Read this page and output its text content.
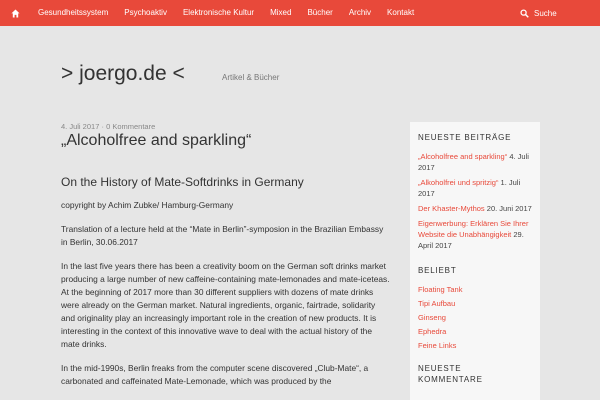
Gesundheitssystem	Psychoaktiv	Elektronische Kultur	Mixed	Bücher	Archiv	Kontakt	Suche
> joergo.de <	Artikel & Bücher
4. Juli 2017 · 0 Kommentare
„Alcoholfree and sparkling“
On the History of Mate-Softdrinks in Germany

copyright by Achim Zubke/ Hamburg-Germany

Translation of a lecture held at the “Mate in Berlin”-symposion in the Brazilian Embassy in Berlin, 30.06.2017

In the last five years there has been a creativity boom on the German soft drinks market producing a large number of new caffeine-containing mate-lemonades and mate-iceteas.

At the beginning of 2017 more than 30 different suppliers with dozens of mate drinks were already on the German market. Natural ingredients, organic, fairtrade, solidarity and originality play an increasingly important role in the creation of new products. It is interesting in the context of this innovative wave to deal with the actual history of the mate drinks.

In the mid-1990s, Berlin freaks from the computer scene discovered „Club-Mate“, a carbonated and caffeinated Mate-Lemonade, which was produced by the

NEUESTE BEITRÄGE
„Alcoholfree and sparkling“ 4. Juli 2017
„Alkoholfrei und spritzig“ 1. Juli 2017
Der Khaster-Mythos 20. Juni 2017
Eigenwerbung: Erklären Sie Ihrer Website die Unabhängigkeit 29. April 2017
BELIEBT
Floating Tank
Tipi Aufbau
Ginseng
Ephedra
Feine Links
NEUESTE KOMMENTARE
